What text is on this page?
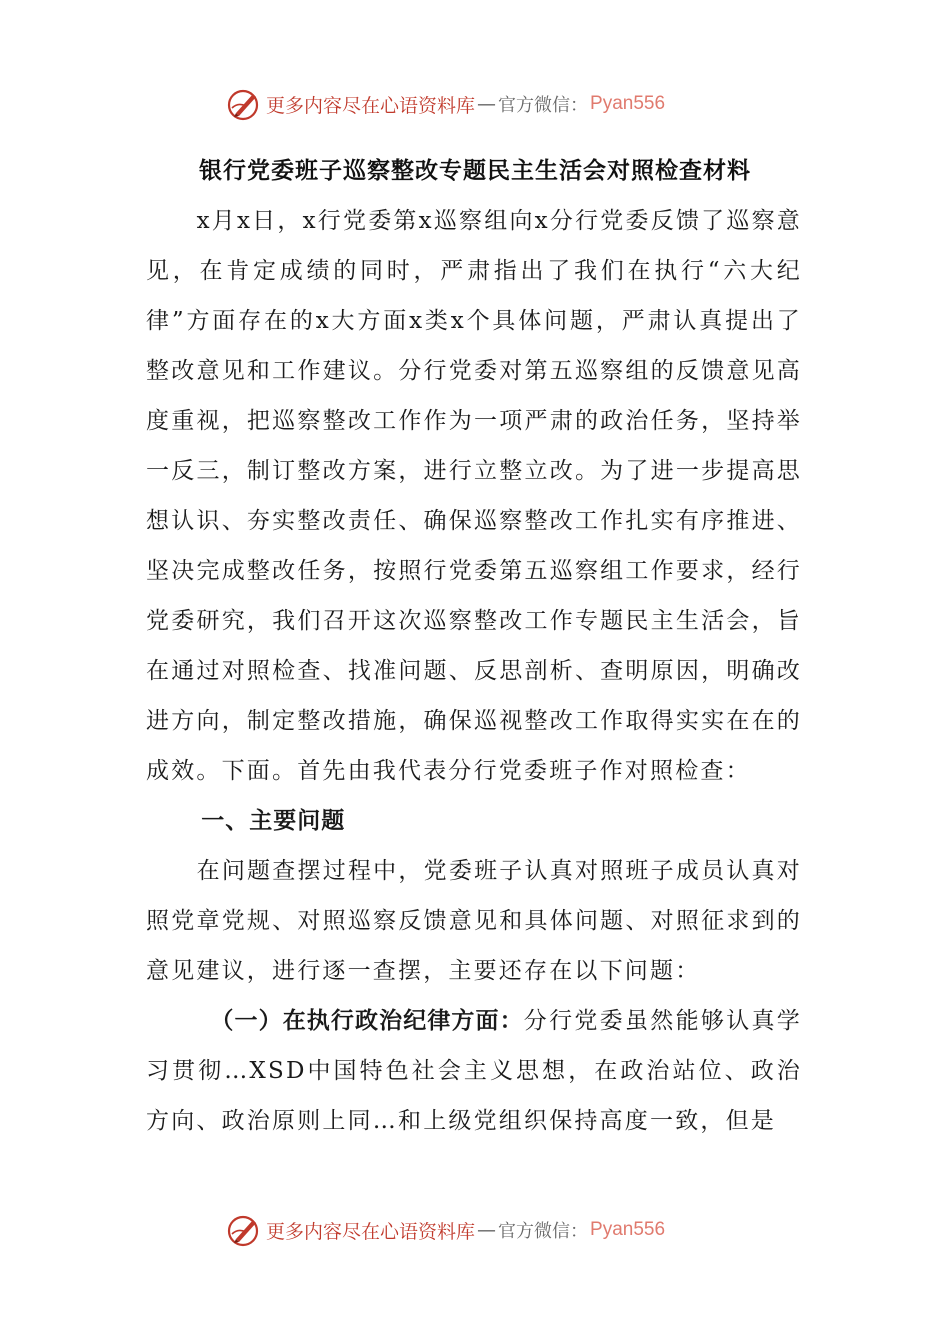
更多内容尽在心语资料库 — 官方微信： Pyan556
银行党委班子巡察整改专题民主生活会对照检查材料

x月x日，x行党委第x巡察组向x分行党委反馈了巡察意见，在肯定成绩的同时，严肃指出了我们在执行“六大纪律”方面存在的x大方面x类x个具体问题，严肃认真提出了整改意见和工作建议。分行党委对第五巡察组的反馈意见高度重视，把巡察整改工作作为一项严肃的政治任务，坚持举一反三，制订整改方案，进行立整立改。为了进一步提高思想认识、夯实整改责任、确保巡察整改工作扎实有序推进、坚决完成整改任务，按照行党委第五巡察组工作要求，经行党委研究，我们召开这次巡察整改工作专题民主生活会，旨在通过对照检查、找准问题、反思剖析、查明原因，明确改进方向，制定整改措施，确保巡视整改工作取得实实在在的成效。下面。首先由我代表分行党委班子作对照检查：

一、主要问题

在问题查摆过程中，党委班子认真对照班子成员认真对照党章党规、对照巡察反馈意见和具体问题、对照征求到的意见建议，进行逐一查摆，主要还存在以下问题：

（一）在执行政治纪律方面：分行党委虽然能够认真学习贯彻…XSD中国特色社会主义思想，在政治站位、政治方向、政治原则上同…和上级党组织保持高度一致，但是

更多内容尽在心语资料库 — 官方微信： Pyan556
